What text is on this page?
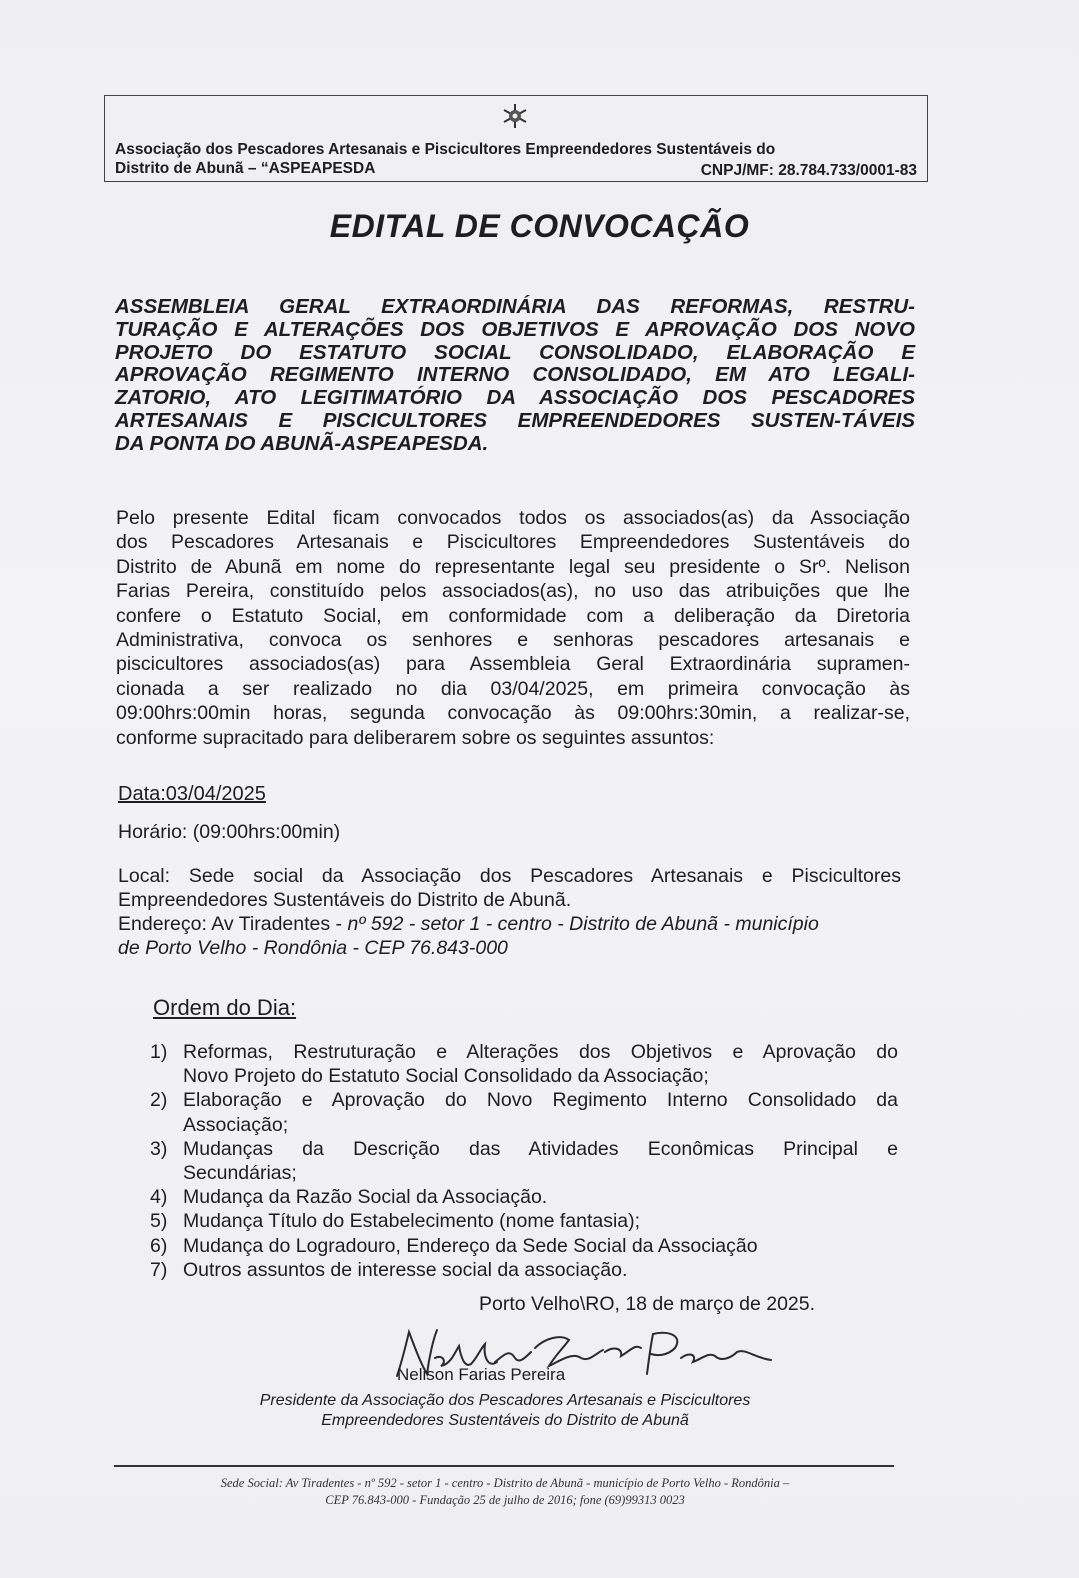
Associação dos Pescadores Artesanais e Piscicultores Empreendedores Sustentáveis do
Distrito de Abunã – “ASPEAPESDA	CNPJ/MF: 28.784.733/0001-83
EDITAL DE CONVOCAÇÃO
ASSEMBLEIA GERAL EXTRAORDINÁRIA DAS REFORMAS, RESTRU-
TURAÇÃO E ALTERAÇÕES DOS OBJETIVOS E APROVAÇÃO DOS NOVO
PROJETO DO ESTATUTO SOCIAL CONSOLIDADO, ELABORAÇÃO E
APROVAÇÃO REGIMENTO INTERNO CONSOLIDADO, EM ATO LEGALI-
ZATORIO, ATO LEGITIMATÓRIO DA ASSOCIAÇÃO DOS PESCADORES
ARTESANAIS E PISCICULTORES EMPREENDEDORES SUSTEN-TÁVEIS
DA PONTA DO ABUNÃ-ASPEAPESDA.
Pelo presente Edital ficam convocados todos os associados(as) da Associação
dos Pescadores Artesanais e Piscicultores Empreendedores Sustentáveis do
Distrito de Abunã em nome do representante legal seu presidente o Srº. Nelison
Farias Pereira, constituído pelos associados(as), no uso das atribuições que lhe
confere o Estatuto Social, em conformidade com a deliberação da Diretoria
Administrativa, convoca os senhores e senhoras pescadores artesanais e
piscicultores associados(as) para Assembleia Geral Extraordinária supramen-
cionada a ser realizado no dia 03/04/2025, em primeira convocação às
09:00hrs:00min horas, segunda convocação às 09:00hrs:30min, a realizar-se,
conforme supracitado para deliberarem sobre os seguintes assuntos:
Data:03/04/2025
Horário: (09:00hrs:00min)
Local: Sede social da Associação dos Pescadores Artesanais e Piscicultores
Empreendedores Sustentáveis do Distrito de Abunã.
Endereço: Av Tiradentes - nº 592 - setor 1 - centro - Distrito de Abunã - município
de Porto Velho - Rondônia - CEP 76.843-000
Ordem do Dia:
1) Reformas, Restruturação e Alterações dos Objetivos e Aprovação do
Novo Projeto do Estatuto Social Consolidado da Associação;
2) Elaboração e Aprovação do Novo Regimento Interno Consolidado da
Associação;
3) Mudanças da Descrição das Atividades Econômicas Principal e
Secundárias;
4) Mudança da Razão Social da Associação.
5) Mudança Título do Estabelecimento (nome fantasia);
6) Mudança do Logradouro, Endereço da Sede Social da Associação
7) Outros assuntos de interesse social da associação.
Porto Velho\RO, 18 de março de 2025.
Nelison Farias Pereira
Presidente da Associação dos Pescadores Artesanais e Piscicultores
Empreendedores Sustentáveis do Distrito de Abunã
Sede Social: Av Tiradentes - nº 592 - setor 1 - centro - Distrito de Abunã - município de Porto Velho - Rondônia –
CEP 76.843-000 - Fundação 25 de julho de 2016; fone (69)99313 0023
